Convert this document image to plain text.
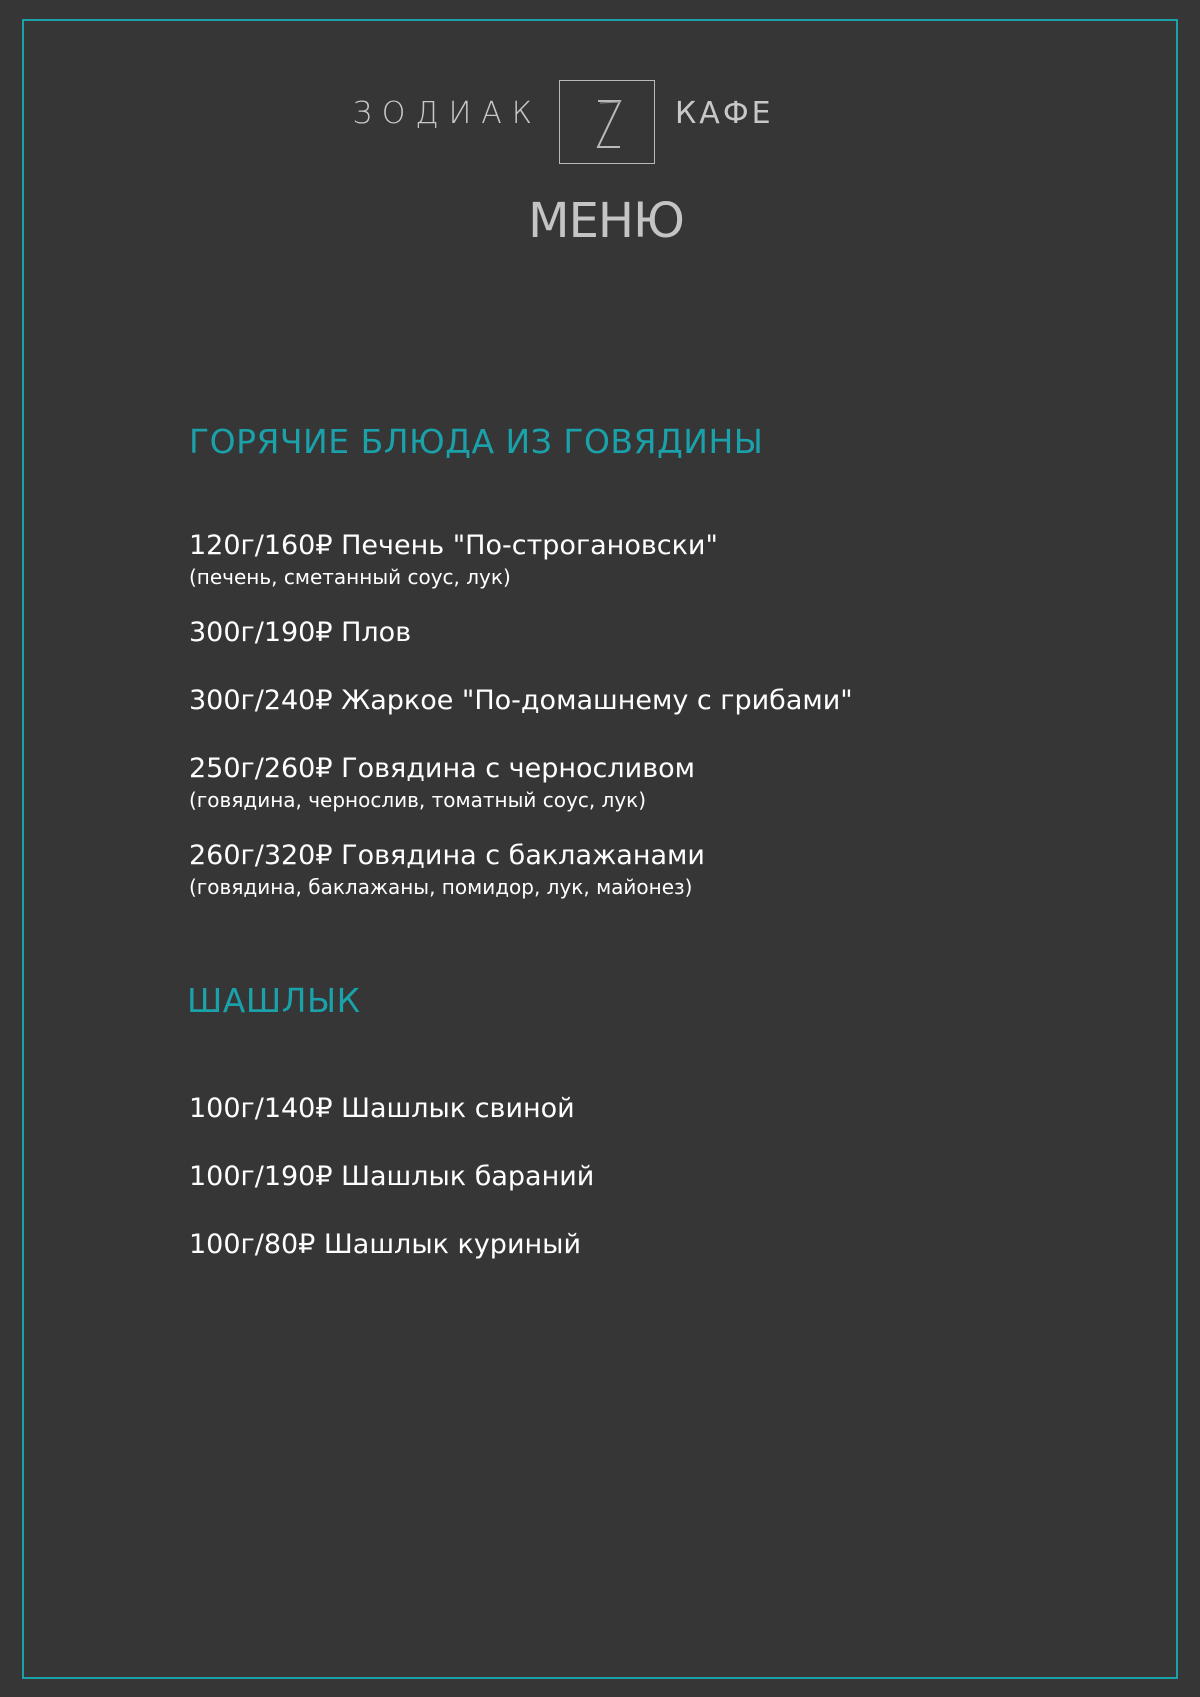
ЗОДИАК	КАФЕ
МЕНЮ
ГОРЯЧИЕ БЛЮДА ИЗ ГОВЯДИНЫ
120г/160₽ Печень "По-строгановски"
(печень, сметанный соус, лук)
300г/190₽ Плов
300г/240₽ Жаркое "По-домашнему с грибами"
250г/260₽ Говядина с черносливом
(говядина, чернослив, томатный соус, лук)
260г/320₽ Говядина с баклажанами
(говядина, баклажаны, помидор, лук, майонез)
ШАШЛЫК
100г/140₽ Шашлык свиной
100г/190₽ Шашлык бараний
100г/80₽ Шашлык куриный
